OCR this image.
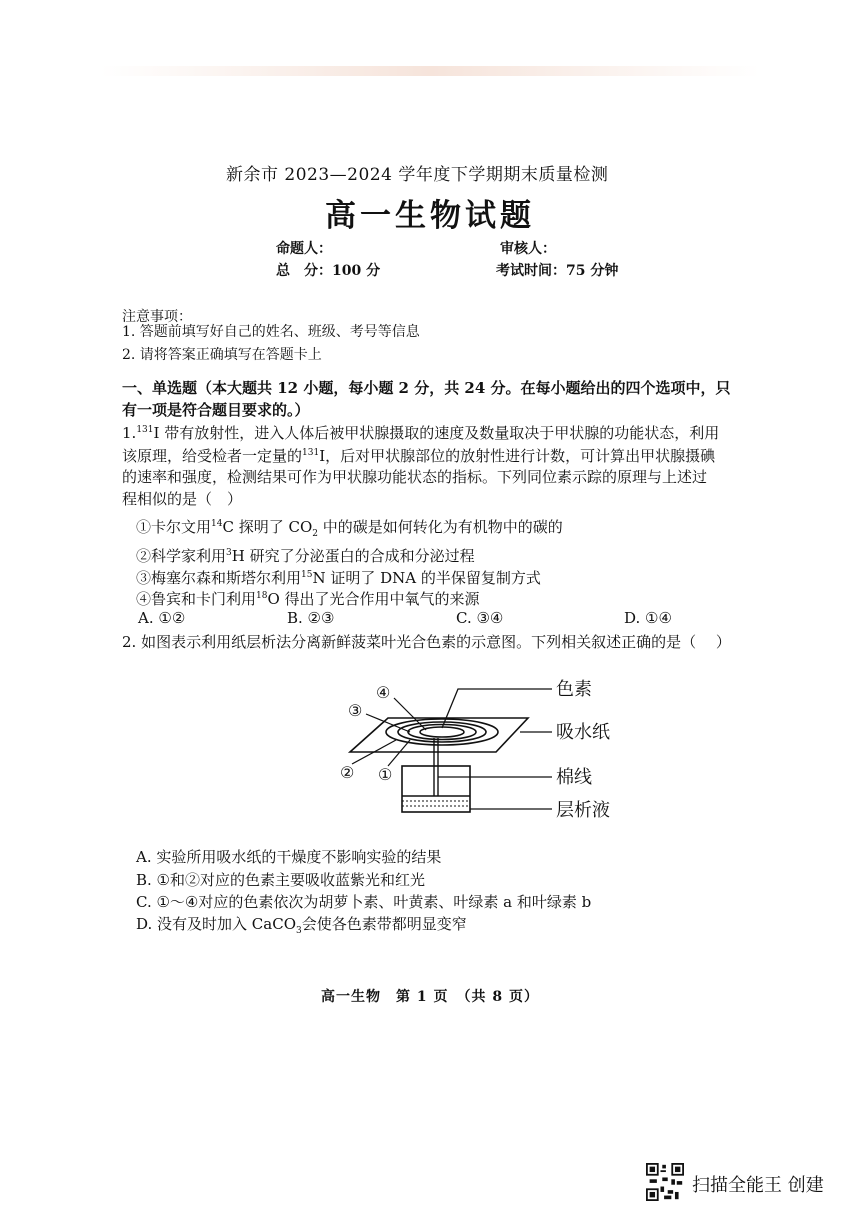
新余市 2023—2024 学年度下学期期末质量检测
高一生物试题
命题人：	审核人：
总　分：100 分	考试时间：75 分钟
注意事项：
1. 答题前填写好自己的姓名、班级、考号等信息
2. 请将答案正确填写在答题卡上
一、单选题（本大题共 12 小题，每小题 2 分，共 24 分。在每小题给出的四个选项中，只
有一项是符合题目要求的。）
1.$^{131}$I 带有放射性，进入人体后被甲状腺摄取的速度及数量取决于甲状腺的功能状态，利用
该原理，给受检者一定量的$^{131}$I，后对甲状腺部位的放射性进行计数，可计算出甲状腺摄碘
的速率和强度，检测结果可作为甲状腺功能状态的指标。下列同位素示踪的原理与上述过
程相似的是（　）
①卡尔文用$^{14}$C 探明了 $CO_2$ 中的碳是如何转化为有机物中的碳的
②科学家利用$^3$H 研究了分泌蛋白的合成和分泌过程
③梅塞尔森和斯塔尔利用$^{15}$N 证明了 DNA 的半保留复制方式
④鲁宾和卡门利用$^{18}$O 得出了光合作用中氧气的来源
A. ①②	B. ②③	C. ③④	D. ①④
2. 如图表示利用纸层析法分离新鲜菠菜叶光合色素的示意图。下列相关叙述正确的是（　 ）
色素
吸水纸
棉线
层析液
④
③
② ①
A. 实验所用吸水纸的干燥度不影响实验的结果
B. ①和②对应的色素主要吸收蓝紫光和红光
C. ①～④对应的色素依次为胡萝卜素、叶黄素、叶绿素 a 和叶绿素 b
D. 没有及时加入 CaCO$_3$会使各色素带都明显变窄
高一生物　第 1 页　（共 8 页）
扫描全能王 创建
